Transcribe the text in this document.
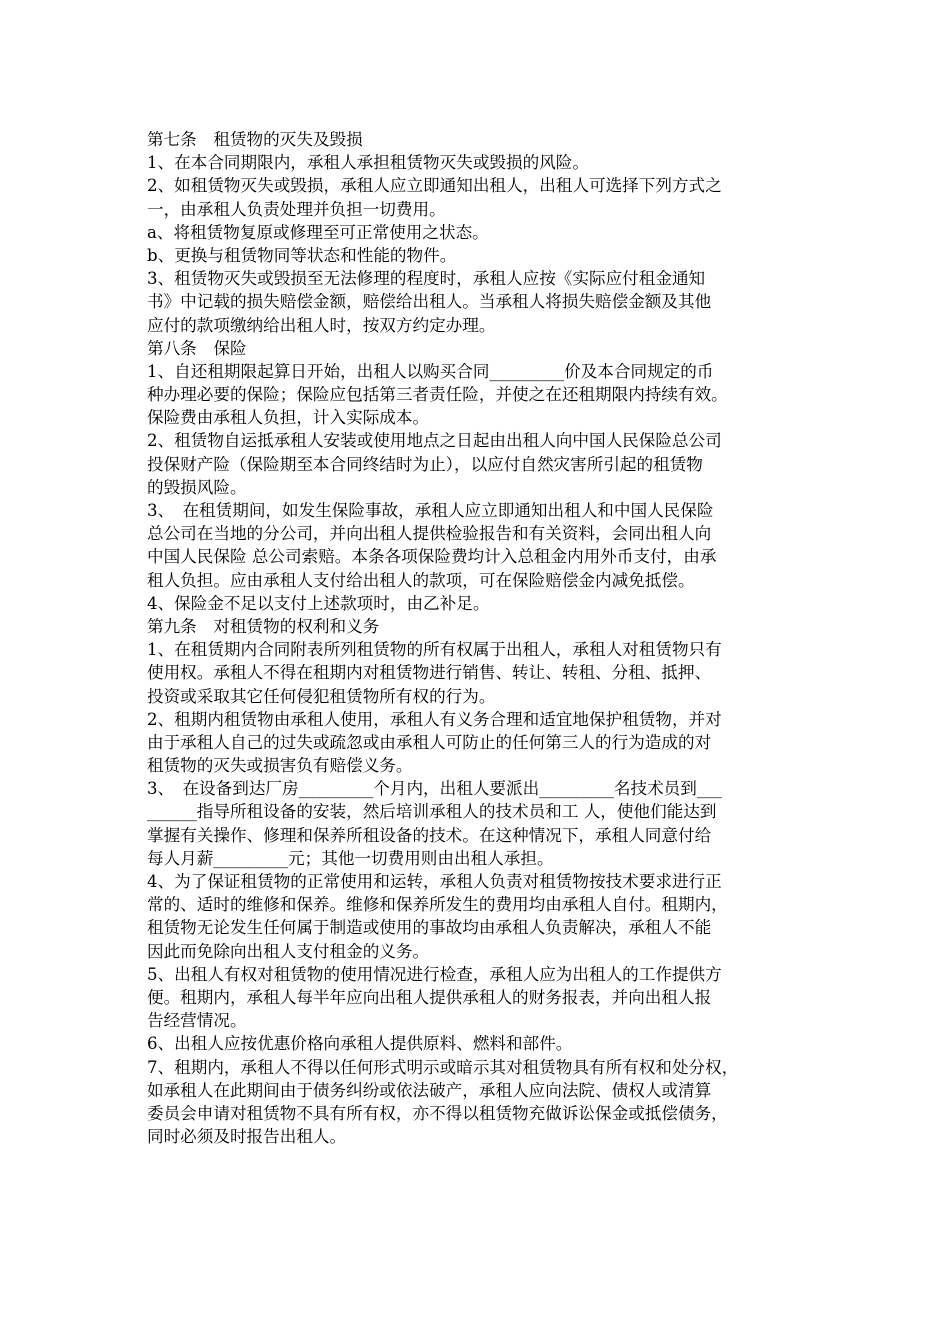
第七条　租赁物的灭失及毁损
1、在本合同期限内，承租人承担租赁物灭失或毁损的风险。
2、如租赁物灭失或毁损，承租人应立即通知出租人，出租人可选择下列方式之
一，由承租人负责处理并负担一切费用。
a、将租赁物复原或修理至可正常使用之状态。
b、更换与租赁物同等状态和性能的物件。
3、租赁物灭失或毁损至无法修理的程度时，承租人应按《实际应付租金通知
书》中记载的损失赔偿金额，赔偿给出租人。当承租人将损失赔偿金额及其他
应付的款项缴纳给出租人时，按双方约定办理。
第八条　保险
1、自还租期限起算日开始，出租人以购买合同_________价及本合同规定的币
种办理必要的保险；保险应包括第三者责任险，并使之在还租期限内持续有效。
保险费由承租人负担，计入实际成本。
2、租赁物自运抵承租人安装或使用地点之日起由出租人向中国人民保险总公司
投保财产险（保险期至本合同终结时为止），以应付自然灾害所引起的租赁物
的毁损风险。
3、　在租赁期间，如发生保险事故，承租人应立即通知出租人和中国人民保险
总公司在当地的分公司，并向出租人提供检验报告和有关资料，会同出租人向
中国人民保险 总公司索赔。本条各项保险费均计入总租金内用外币支付，由承
租人负担。应由承租人支付给出租人的款项，可在保险赔偿金内减免抵偿。
4、保险金不足以支付上述款项时，由乙补足。
第九条　对租赁物的权利和义务
1、在租赁期内合同附表所列租赁物的所有权属于出租人，承租人对租赁物只有
使用权。承租人不得在租期内对租赁物进行销售、转让、转租、分租、抵押、
投资或采取其它任何侵犯租赁物所有权的行为。
2、租期内租赁物由承租人使用，承租人有义务合理和适宜地保护租赁物，并对
由于承租人自己的过失或疏忽或由承租人可防止的任何第三人的行为造成的对
租赁物的灭失或损害负有赔偿义务。
3、　在设备到达厂房_________个月内，出租人要派出_________名技术员到___
______指导所租设备的安装，然后培训承租人的技术员和工 人，使他们能达到
掌握有关操作、修理和保养所租设备的技术。在这种情况下，承租人同意付给
每人月薪_________元；其他一切费用则由出租人承担。
4、为了保证租赁物的正常使用和运转，承租人负责对租赁物按技术要求进行正
常的、适时的维修和保养。维修和保养所发生的费用均由承租人自付。租期内，
租赁物无论发生任何属于制造或使用的事故均由承租人负责解决，承租人不能
因此而免除向出租人支付租金的义务。
5、出租人有权对租赁物的使用情况进行检查，承租人应为出租人的工作提供方
便。租期内，承租人每半年应向出租人提供承租人的财务报表，并向出租人报
告经营情况。
6、出租人应按优惠价格向承租人提供原料、燃料和部件。
7、租期内，承租人不得以任何形式明示或暗示其对租赁物具有所有权和处分权，
如承租人在此期间由于债务纠纷或依法破产，承租人应向法院、债权人或清算
委员会申请对租赁物不具有所有权，亦不得以租赁物充做诉讼保金或抵偿债务，
同时必须及时报告出租人。
